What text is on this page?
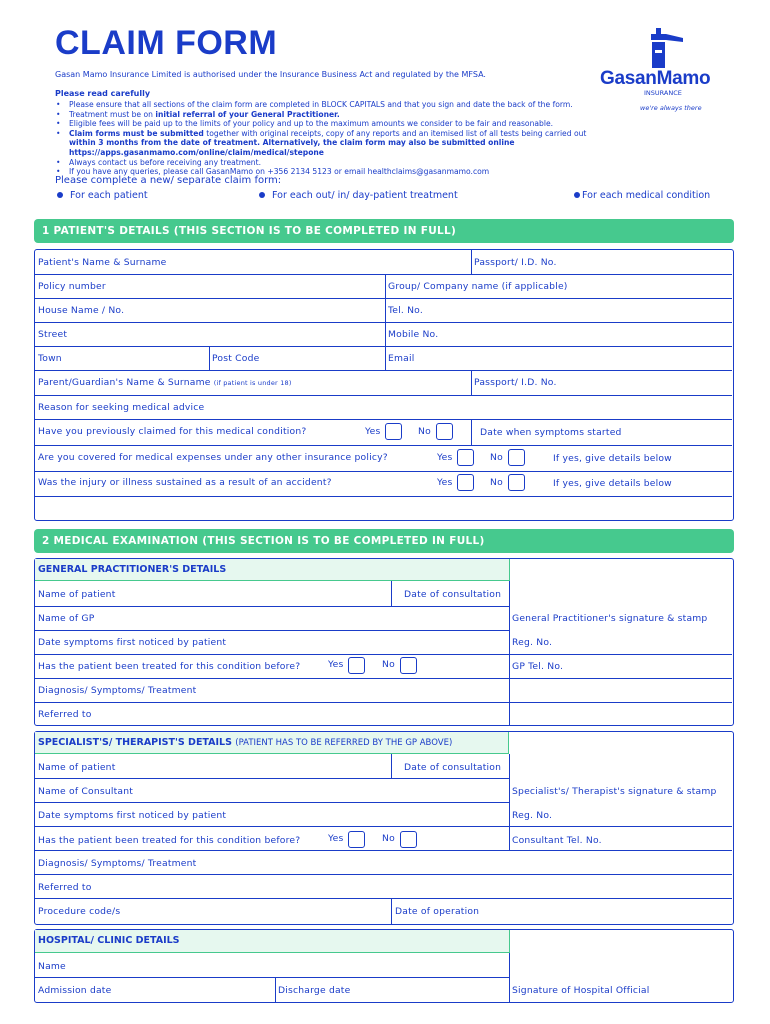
CLAIM FORM
Gasan Mamo Insurance Limited is authorised under the Insurance Business Act and regulated by the MFSA.	GasanMamo
INSURANCE
we're always there
Please read carefully
• Please ensure that all sections of the claim form are completed in BLOCK CAPITALS and that you sign and date the back of the form.
• Treatment must be on initial referral of your General Practitioner.
• Eligible fees will be paid up to the limits of your policy and up to the maximum amounts we consider to be fair and reasonable.
• Claim forms must be submitted together with original receipts, copy of any reports and an itemised list of all tests being carried out
within 3 months from the date of treatment. Alternatively, the claim form may also be submitted online https://apps.gasanmamo.com/online/claim/medical/stepone
• Always contact us before receiving any treatment.
• If you have any queries, please call GasanMamo on +356 2134 5123 or email healthclaims@gasanmamo.com
Please complete a new/ separate claim form:
For each patient	For each out/ in/ day-patient treatment	For each medical condition
1 PATIENT'S DETAILS (THIS SECTION IS TO BE COMPLETED IN FULL)
Patient's Name & Surname	Passport/ I.D. No.
Policy number	Group/ Company name (if applicable)
House Name / No.	Tel. No.
Street	Mobile No.
Town	Post Code	Email
Parent/Guardian's Name & Surname (if patient is under 18)	Passport/ I.D. No.
Reason for seeking medical advice
Have you previously claimed for this medical condition?	Yes	No	Date when symptoms started
Are you covered for medical expenses under any other insurance policy?	Yes	No	If yes, give details below
Was the injury or illness sustained as a result of an accident?	Yes	No	If yes, give details below
2 MEDICAL EXAMINATION (THIS SECTION IS TO BE COMPLETED IN FULL)
GENERAL PRACTITIONER'S DETAILS
Name of patient	Date of consultation
Name of GP	General Practitioner's signature & stamp
Date symptoms first noticed by patient	Reg. No.
Has the patient been treated for this condition before?	Yes	No	GP Tel. No.
Diagnosis/ Symptoms/ Treatment
Referred to
SPECIALIST'S/ THERAPIST'S DETAILS (PATIENT HAS TO BE REFERRED BY THE GP ABOVE)
Name of patient	Date of consultation
Name of Consultant	Specialist's/ Therapist's signature & stamp
Date symptoms first noticed by patient	Reg. No.
Has the patient been treated for this condition before?	Yes	No	Consultant Tel. No.
Diagnosis/ Symptoms/ Treatment
Referred to
Procedure code/s	Date of operation
HOSPITAL/ CLINIC DETAILS
Name
Admission date	Discharge date	Signature of Hospital Official
